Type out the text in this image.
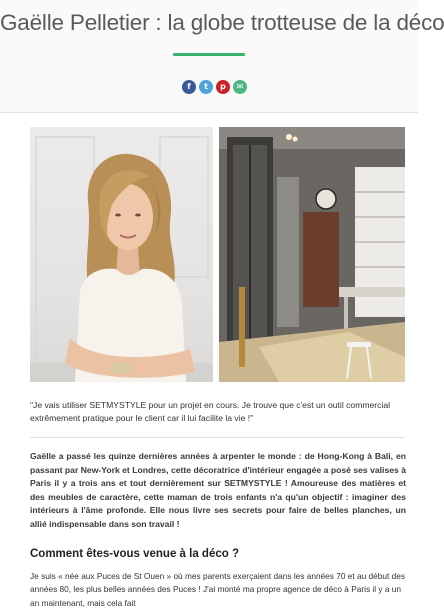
Gaëlle Pelletier : la globe trotteuse de la déco
f	t	p	✉

"Je vais utiliser SETMYSTYLE pour un projet en cours. Je trouve que c'est un outil commercial extrêmement pratique pour le client car il lui facilite la vie !"

Gaëlle a passé les quinze dernières années à arpenter le monde : de Hong-Kong à Bali, en passant par New-York et Londres, cette décoratrice d'intérieur engagée a posé ses valises à Paris il y a trois ans et tout dernièrement sur SETMYSTYLE ! Amoureuse des matières et des meubles de caractère, cette maman de trois enfants n'a qu'un objectif : imaginer des intérieurs à l'âme profonde. Elle nous livre ses secrets pour faire de belles planches, un allié indispensable dans son travail !

Comment êtes-vous venue à la déco ?

Je suis « née aux Puces de St Ouen » où mes parents exerçaient dans les années 70 et au début des années 80, les plus belles années des Puces ! J'ai monté ma propre agence de déco à Paris il y a un an maintenant, mais cela fait
